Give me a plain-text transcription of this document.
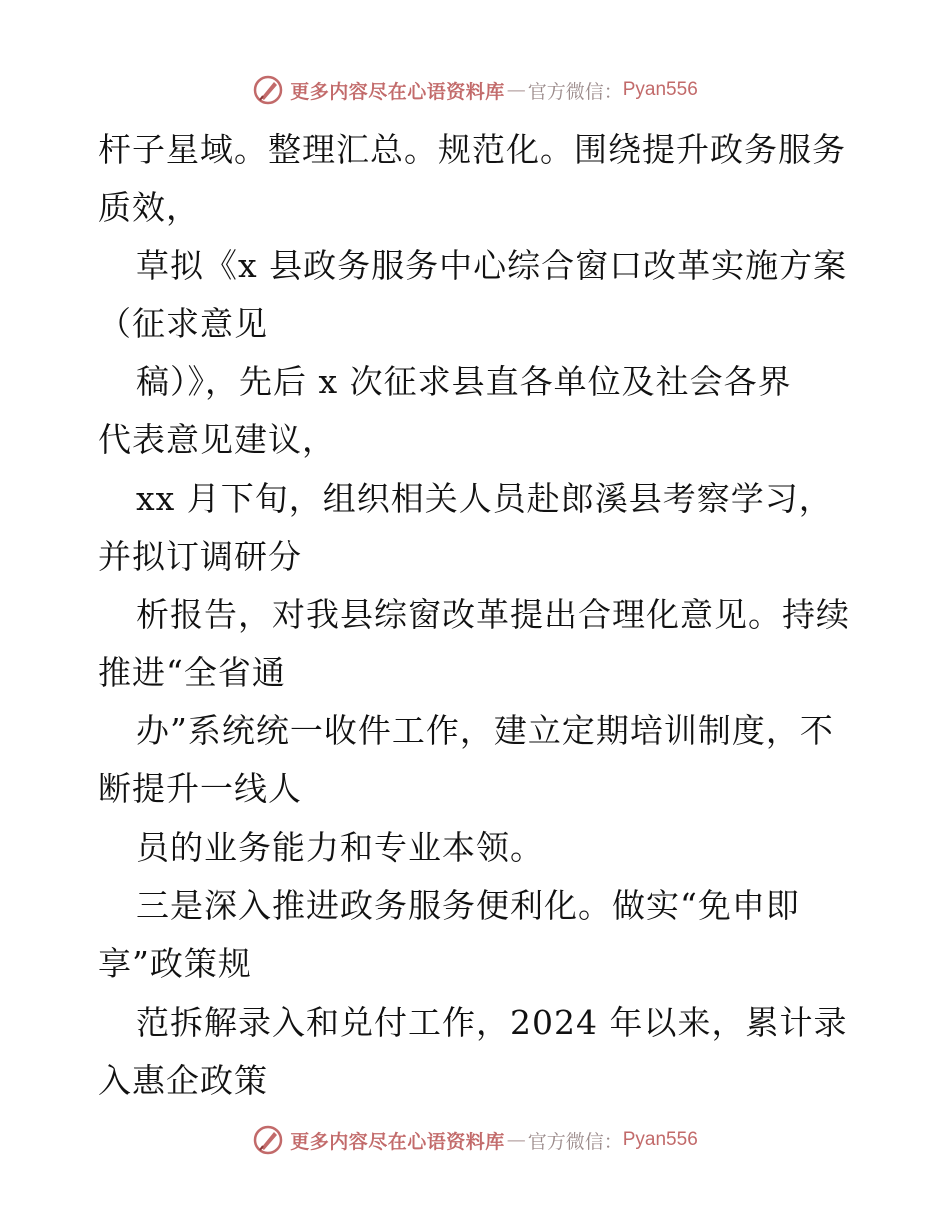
更多内容尽在心语资料库 — 官方微信： Pyan556
杆子星域。整理汇总。规范化。围绕提升政务服务
质效，
草拟《x 县政务服务中心综合窗口改革实施方案
（征求意见
稿）》，先后 x 次征求县直各单位及社会各界
代表意见建议，
xx 月下旬，组织相关人员赴郎溪县考察学习，
并拟订调研分
析报告，对我县综窗改革提出合理化意见。持续
推进“全省通
办”系统统一收件工作，建立定期培训制度，不
断提升一线人
员的业务能力和专业本领。
三是深入推进政务服务便利化。做实“免申即
享”政策规
范拆解录入和兑付工作，2024 年以来，累计录
入惠企政策
更多内容尽在心语资料库 — 官方微信： Pyan556
